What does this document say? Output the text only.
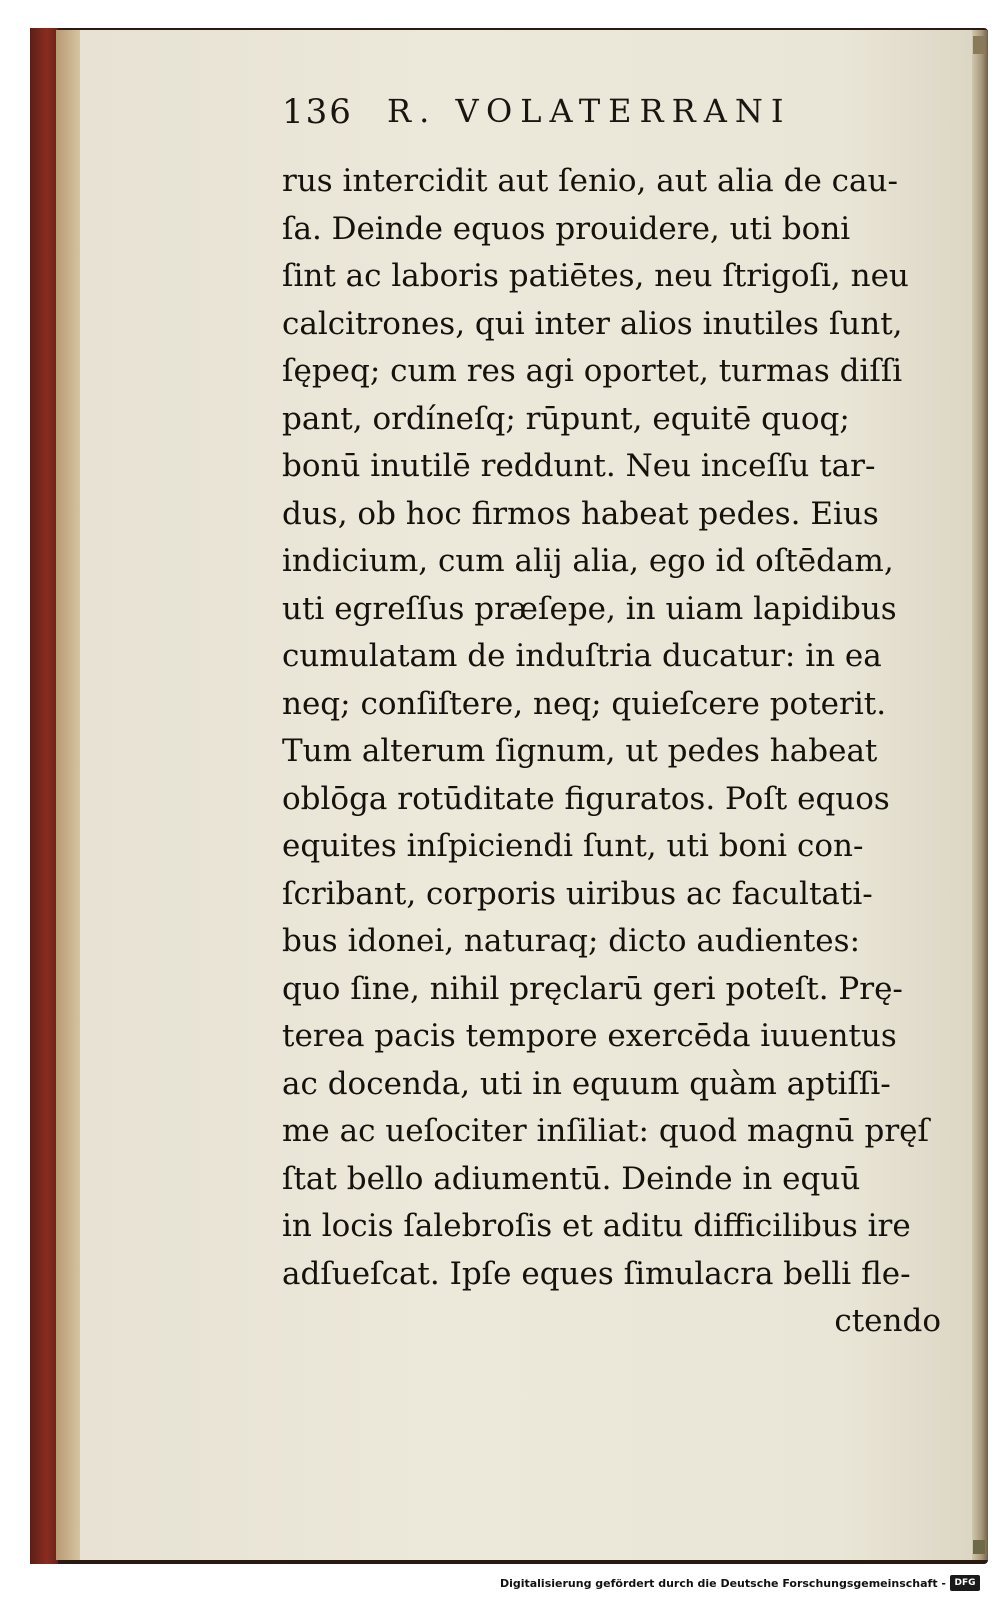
136 R. VOLATERRANI
rus intercidit aut ſenio, aut alia de cau-
ſa. Deinde equos prouidere, uti boni
ſint ac laboris patiētes, neu ſtrigoſi, neu
calcitrones, qui inter alios inutiles ſunt,
ſępeq; cum res agi oportet, turmas diſſi
pant, ordíneſq; rūpunt, equitē quoq;
bonū inutilē reddunt. Neu inceſſu tar-
dus, ob hoc firmos habeat pedes. Eius
indicium, cum alij alia, ego id oſtēdam,
uti egreſſus præſepe, in uiam lapidibus
cumulatam de induſtria ducatur: in ea
neq; conſiſtere, neq; quieſcere poterit.
Tum alterum ſignum, ut pedes habeat
oblōga rotūditate figuratos. Poſt equos
equites inſpiciendi ſunt, uti boni con-
ſcribant, corporis uiribus ac facultati-
bus idonei, naturaq; dicto audientes:
quo ſine, nihil pręclarū geri poteſt. Prę-
terea pacis tempore exercēda iuuentus
ac docenda, uti in equum quàm aptiſſi-
me ac ueſociter inſiliat: quod magnū pręſ
ſtat bello adiumentū. Deinde in equū
in locis ſalebroſis et aditu difficilibus ire
adſueſcat. Ipſe eques ſimulacra belli fle-
ctendo
Digitalisierung gefördert durch die Deutsche Forschungsgemeinschaft - DFG
